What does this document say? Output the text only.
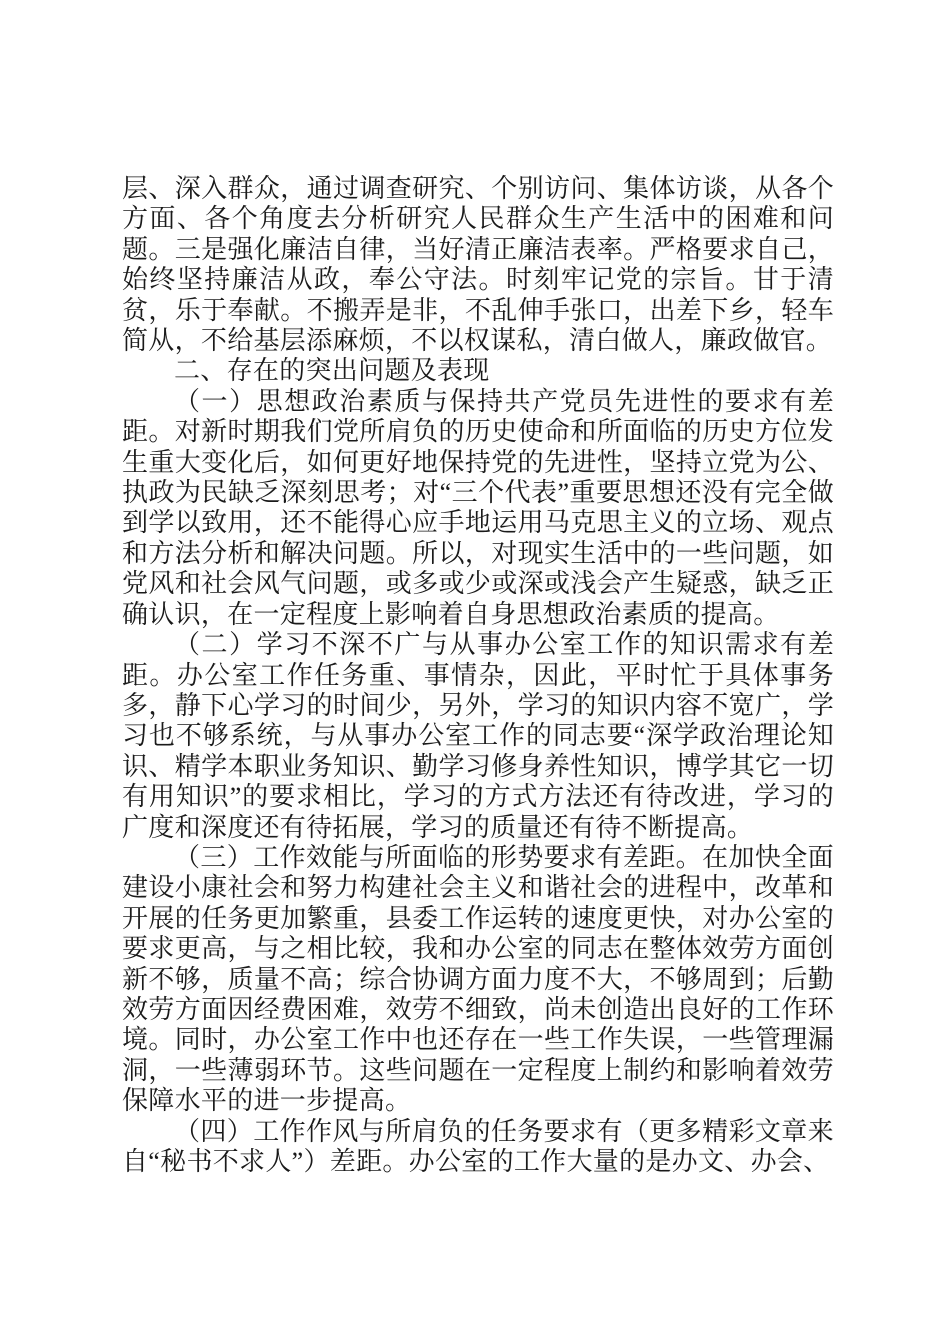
层、深入群众，通过调查研究、个别访问、集体访谈，从各个方面、各个角度去分析研究人民群众生产生活中的困难和问题。三是强化廉洁自律，当好清正廉洁表率。严格要求自己，始终坚持廉洁从政，奉公守法。时刻牢记党的宗旨。甘于清贫，乐于奉献。不搬弄是非，不乱伸手张口，出差下乡，轻车简从，不给基层添麻烦，不以权谋私，清白做人，廉政做官。

二、存在的突出问题及表现

（一）思想政治素质与保持共产党员先进性的要求有差距。对新时期我们党所肩负的历史使命和所面临的历史方位发生重大变化后，如何更好地保持党的先进性，坚持立党为公、执政为民缺乏深刻思考；对“三个代表”重要思想还没有完全做到学以致用，还不能得心应手地运用马克思主义的立场、观点和方法分析和解决问题。所以，对现实生活中的一些问题，如党风和社会风气问题，或多或少或深或浅会产生疑惑，缺乏正确认识，在一定程度上影响着自身思想政治素质的提高。

（二）学习不深不广与从事办公室工作的知识需求有差距。办公室工作任务重、事情杂，因此，平时忙于具体事务多，静下心学习的时间少，另外，学习的知识内容不宽广，学习也不够系统，与从事办公室工作的同志要“深学政治理论知识、精学本职业务知识、勤学习修身养性知识，博学其它一切有用知识”的要求相比，学习的方式方法还有待改进，学习的广度和深度还有待拓展，学习的质量还有待不断提高。

（三）工作效能与所面临的形势要求有差距。在加快全面建设小康社会和努力构建社会主义和谐社会的进程中，改革和开展的任务更加繁重，县委工作运转的速度更快，对办公室的要求更高，与之相比较，我和办公室的同志在整体效劳方面创新不够，质量不高；综合协调方面力度不大，不够周到；后勤效劳方面因经费困难，效劳不细致，尚未创造出良好的工作环境。同时，办公室工作中也还存在一些工作失误，一些管理漏洞，一些薄弱环节。这些问题在一定程度上制约和影响着效劳保障水平的进一步提高。

（四）工作作风与所肩负的任务要求有（更多精彩文章来自“秘书不求人”）差距。办公室的工作大量的是办文、办会、
